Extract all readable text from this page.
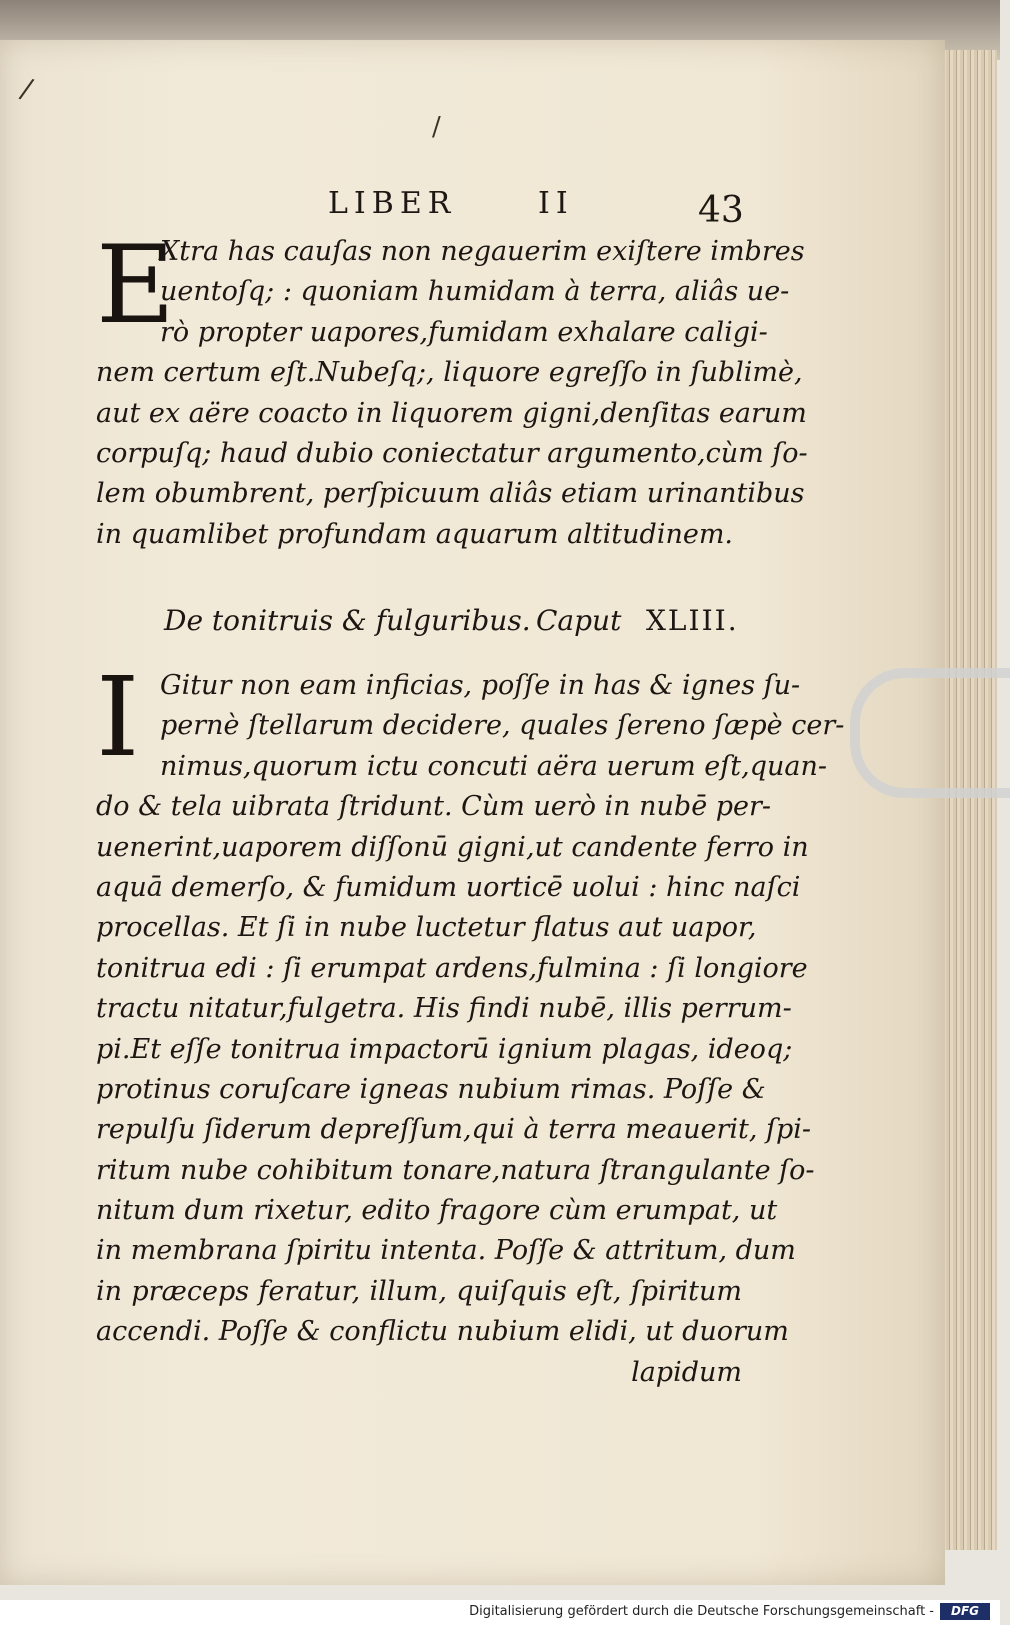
/
/
LIBER	II	43
E
Xtra has cauſas non negauerim exiſtere imbres
uentoſq; : quoniam humidam à terra, aliâs ue-
rò propter uapores,fumidam exhalare caligi-
nem certum eſt.Nubeſq;, liquore egreſſo in ſublimè,
aut ex aëre coacto in liquorem gigni,denſitas earum
corpuſq; haud dubio coniectatur argumento,cùm ſo-
lem obumbrent, perſpicuum aliâs etiam urinantibus
in quamlibet profundam aquarum altitudinem.
De tonitruis & fulguribus. Caput XLIII.
I Gitur non eam inficias, poſſe in has & ignes ſu-
pernè ſtellarum decidere, quales ſereno ſæpè cer-
nimus,quorum ictu concuti aëra uerum eſt,quan-
do & tela uibrata ſtridunt. Cùm uerò in nubē per-
uenerint,uaporem diſſonū gigni,ut candente ferro in
aquā demerſo, & fumidum uorticē uolui : hinc naſci
procellas. Et ſi in nube luctetur flatus aut uapor,
tonitrua edi : ſi erumpat ardens,fulmina : ſi longiore
tractu nitatur,fulgetra. His findi nubē, illis perrum-
pi.Et eſſe tonitrua impactorū ignium plagas, ideoq;
protinus coruſcare igneas nubium rimas. Poſſe &
repulſu ſiderum depreſſum,qui à terra meauerit, ſpi-
ritum nube cohibitum tonare,natura ſtrangulante ſo-
nitum dum rixetur, edito fragore cùm erumpat, ut
in membrana ſpiritu intenta. Poſſe & attritum, dum
in præceps feratur, illum, quiſquis eſt, ſpiritum
accendi. Poſſe & conflictu nubium elidi, ut duorum
lapidum
Digitalisierung gefördert durch die Deutsche Forschungsgemeinschaft -	DFG
